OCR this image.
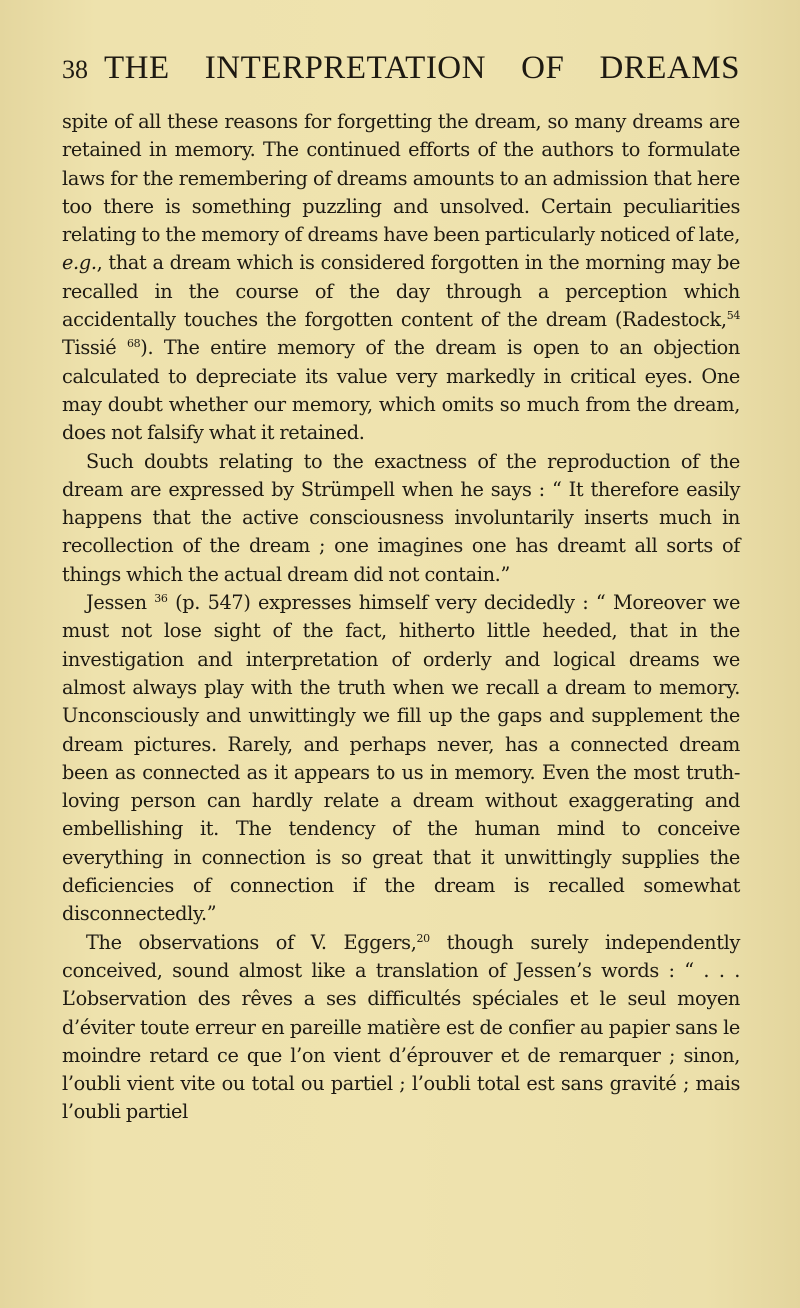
38 THE INTERPRETATION OF DREAMS

spite of all these reasons for forgetting the dream, so many dreams are retained in memory. The continued efforts of the authors to formulate laws for the remembering of dreams amounts to an admission that here too there is something puzzling and unsolved. Certain peculiarities relating to the memory of dreams have been particularly noticed of late, e.g., that a dream which is considered forgotten in the morning may be recalled in the course of the day through a perception which accidentally touches the forgotten content of the dream (Radestock,$^{54}$ Tissié $^{68}$). The entire memory of the dream is open to an objection calculated to depreciate its value very markedly in critical eyes. One may doubt whether our memory, which omits so much from the dream, does not falsify what it retained.

Such doubts relating to the exactness of the reproduction of the dream are expressed by Strümpell when he says : “ It therefore easily happens that the active consciousness involuntarily inserts much in recollection of the dream ; one imagines one has dreamt all sorts of things which the actual dream did not contain.”

Jessen $^{36}$ (p. 547) expresses himself very decidedly : “ Moreover we must not lose sight of the fact, hitherto little heeded, that in the investigation and interpretation of orderly and logical dreams we almost always play with the truth when we recall a dream to memory. Unconsciously and unwittingly we fill up the gaps and supplement the dream pictures. Rarely, and perhaps never, has a connected dream been as connected as it appears to us in memory. Even the most truth-loving person can hardly relate a dream without exaggerating and embellishing it. The tendency of the human mind to conceive everything in connection is so great that it unwittingly supplies the deficiencies of connection if the dream is recalled somewhat disconnectedly.”

The observations of V. Eggers,$^{20}$ though surely independently conceived, sound almost like a translation of Jessen’s words : “ . . . L’observation des rêves a ses difficultés spéciales et le seul moyen d’éviter toute erreur en pareille matière est de confier au papier sans le moindre retard ce que l’on vient d’éprouver et de remarquer ; sinon, l’oubli vient vite ou total ou partiel ; l’oubli total est sans gravité ; mais l’oubli partiel
